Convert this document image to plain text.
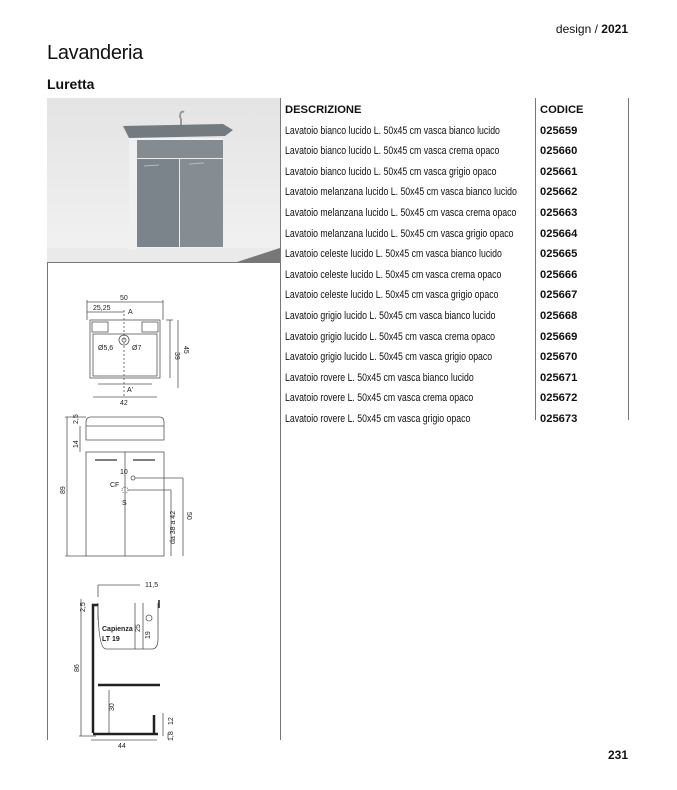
design / 2021
Lavanderia
Luretta
DESCRIZIONE	CODICE
Lavatoio bianco lucido L. 50x45 cm vasca bianco lucido	025659
Lavatoio bianco lucido L. 50x45 cm vasca crema opaco	025660
Lavatoio bianco lucido L. 50x45 cm vasca grigio opaco	025661
Lavatoio melanzana lucido L. 50x45 cm vasca bianco lucido 025662
Lavatoio melanzana lucido L. 50x45 cm vasca crema opaco 025663
Lavatoio melanzana lucido L. 50x45 cm vasca grigio opaco 025664
Lavatoio celeste lucido L. 50x45 cm vasca bianco lucido	025665
Lavatoio celeste lucido L. 50x45 cm vasca crema opaco	025666
Lavatoio celeste lucido L. 50x45 cm vasca grigio opaco	025667
Lavatoio grigio lucido L. 50x45 cm vasca bianco lucido	025668
Lavatoio grigio lucido L. 50x45 cm vasca crema opaco	025669
Lavatoio grigio lucido L. 50x45 cm vasca grigio opaco	025670
Lavatoio rovere L. 50x45 cm vasca bianco lucido	025671
Lavatoio rovere L. 50x45 cm vasca crema opaco	025672
Lavatoio rovere L. 50x45 cm vasca grigio opaco	025673
50
25,25
A
Ø5,6	Ø7
39
45
A'
42
2,5
14
89
10
CF
S
da 38 a 42 50
11,5
2,5
25
19
Capienza
LT 19
86
30
12
1,8
44
231
